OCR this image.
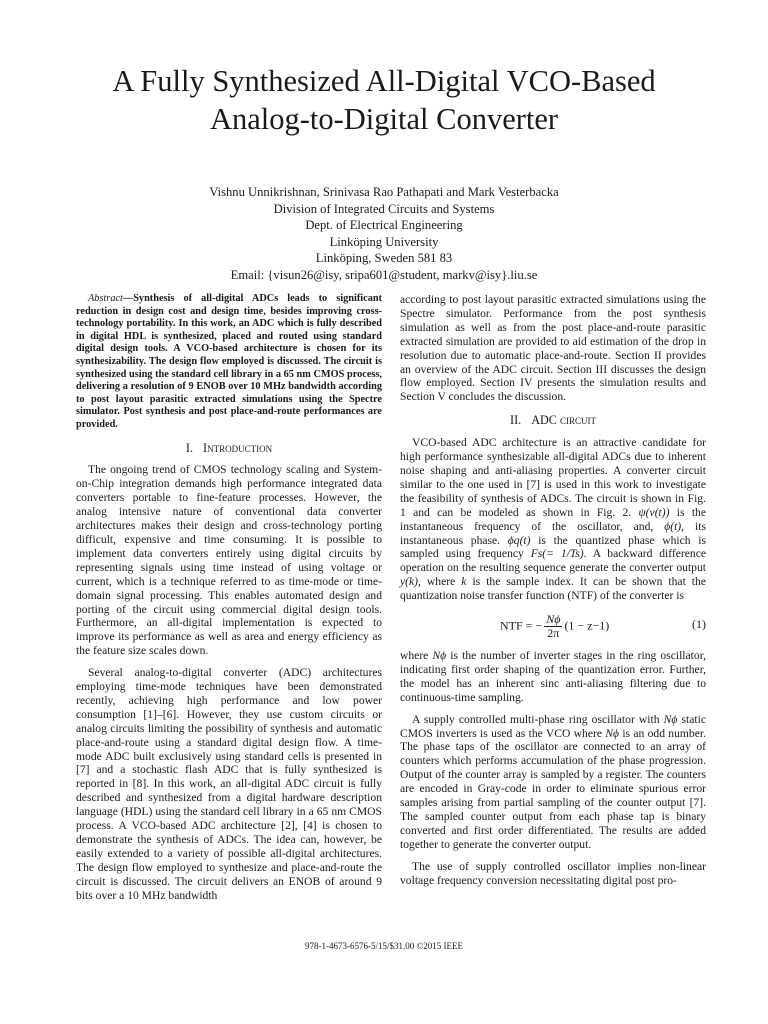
A Fully Synthesized All-Digital VCO-Based
Analog-to-Digital Converter
Vishnu Unnikrishnan, Srinivasa Rao Pathapati and Mark Vesterbacka
Division of Integrated Circuits and Systems
Dept. of Electrical Engineering
Linköping University
Linköping, Sweden 581 83
Email: {visun26@isy, sripa601@student, markv@isy}.liu.se

Abstract—Synthesis of all-digital ADCs leads to significant reduction in design cost and design time, besides improving cross-technology portability. In this work, an ADC which is fully described in digital HDL is synthesized, placed and routed using standard digital design tools. A VCO-based architecture is chosen for its synthesizability. The design flow employed is discussed. The circuit is synthesized using the standard cell library in a 65 nm CMOS process, delivering a resolution of 9 ENOB over 10 MHz bandwidth according to post layout parasitic extracted simulations using the Spectre simulator. Post synthesis and post place-and-route performances are provided.

I. Introduction

The ongoing trend of CMOS technology scaling and System-on-Chip integration demands high performance integrated data converters portable to fine-feature processes. However, the analog intensive nature of conventional data converter architectures makes their design and cross-technology porting difficult, expensive and time consuming. It is possible to implement data converters entirely using digital circuits by representing signals using time instead of using voltage or current, which is a technique referred to as time-mode or time-domain signal processing. This enables automated design and porting of the circuit using commercial digital design tools. Furthermore, an all-digital implementation is expected to improve its performance as well as area and energy efficiency as the feature size scales down.

Several analog-to-digital converter (ADC) architectures employing time-mode techniques have been demonstrated recently, achieving high performance and low power consumption [1]–[6]. However, they use custom circuits or analog circuits limiting the possibility of synthesis and automatic place-and-route using a standard digital design flow. A time-mode ADC built exclusively using standard cells is presented in [7] and a stochastic flash ADC that is fully synthesized is reported in [8]. In this work, an all-digital ADC circuit is fully described and synthesized from a digital hardware description language (HDL) using the standard cell library in a 65 nm CMOS process. A VCO-based ADC architecture [2], [4] is chosen to demonstrate the synthesis of ADCs. The idea can, however, be easily extended to a variety of possible all-digital architectures. The design flow employed to synthesize and place-and-route the circuit is discussed. The circuit delivers an ENOB of around 9 bits over a 10 MHz bandwidth

according to post layout parasitic extracted simulations using the Spectre simulator. Performance from the post synthesis simulation as well as from the post place-and-route parasitic extracted simulation are provided to aid estimation of the drop in resolution due to automatic place-and-route. Section II provides an overview of the ADC circuit. Section III discusses the design flow employed. Section IV presents the simulation results and Section V concludes the discussion.

II. ADC circuit

VCO-based ADC architecture is an attractive candidate for high performance synthesizable all-digital ADCs due to inherent noise shaping and anti-aliasing properties. A converter circuit similar to the one used in [7] is used in this work to investigate the feasibility of synthesis of ADCs. The circuit is shown in Fig. 1 and can be modeled as shown in Fig. 2. ψ(v(t)) is the instantaneous frequency of the oscillator, and, ϕ(t), its instantaneous phase. ϕq(t) is the quantized phase which is sampled using frequency Fs(= 1/Ts). A backward difference operation on the resulting sequence generate the converter output y(k), where k is the sample index. It can be shown that the quantization noise transfer function (NTF) of the converter is

NTF = − $\frac{N\phi}{2\pi} (1 - z-1)$	(1)

where Nϕ is the number of inverter stages in the ring oscillator, indicating first order shaping of the quantization error. Further, the model has an inherent sinc anti-aliasing filtering due to continuous-time sampling.

A supply controlled multi-phase ring oscillator with Nϕ static CMOS inverters is used as the VCO where Nϕ is an odd number. The phase taps of the oscillator are connected to an array of counters which performs accumulation of the phase progression. Output of the counter array is sampled by a register. The counters are encoded in Gray-code in order to eliminate spurious error samples arising from partial sampling of the counter output [7]. The sampled counter output from each phase tap is binary converted and first order differentiated. The results are added together to generate the converter output.

The use of supply controlled oscillator implies non-linear voltage frequency conversion necessitating digital post pro-

978-1-4673-6576-5/15/$31.00 ©2015 IEEE
